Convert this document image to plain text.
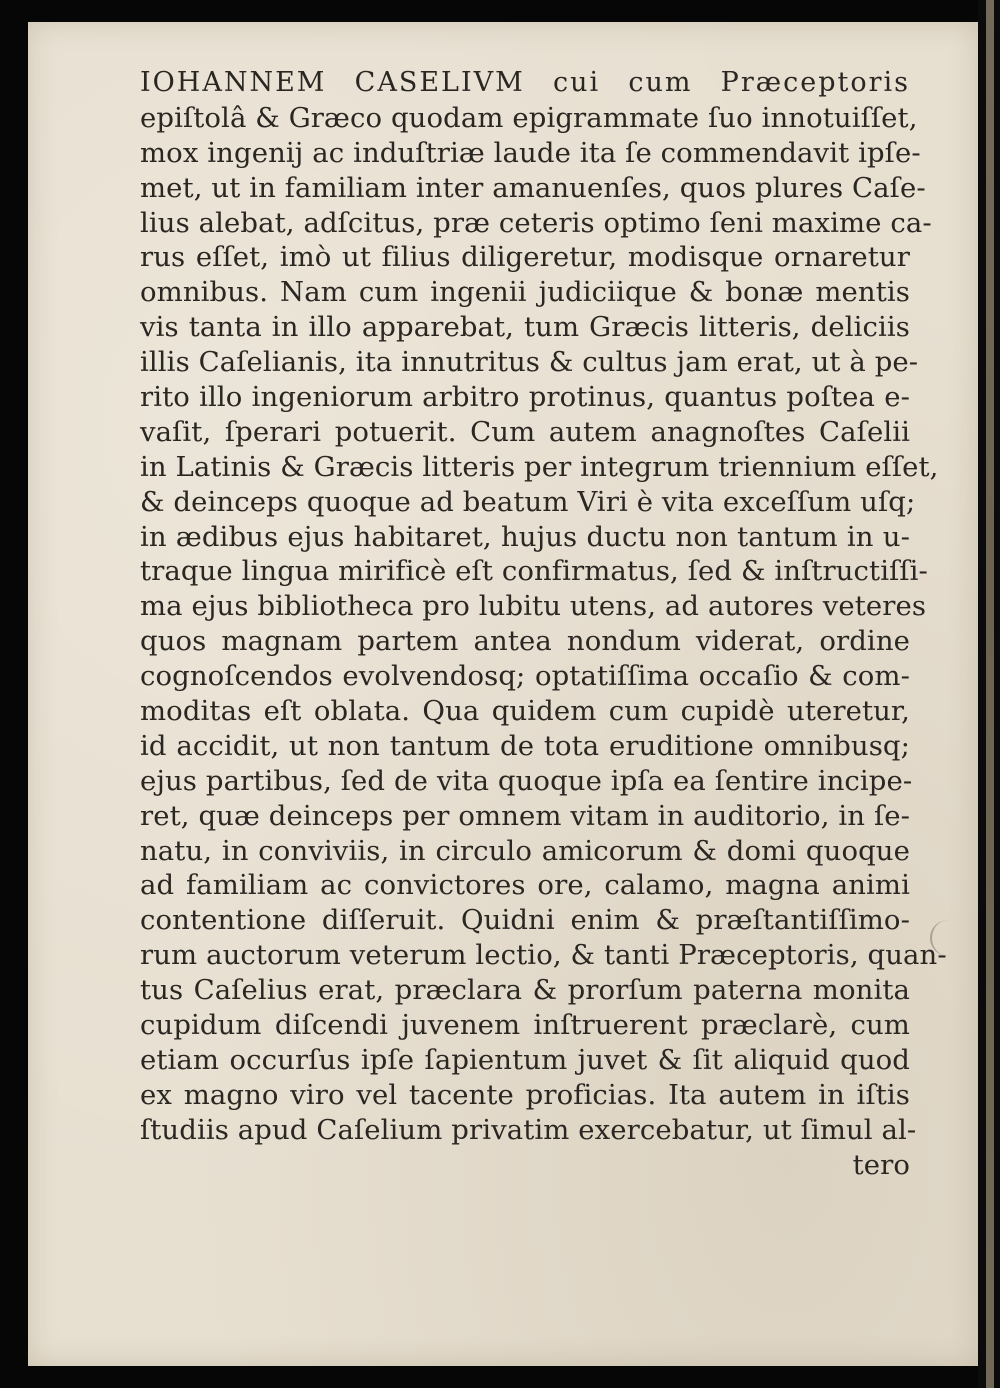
IOHANNEM CASELIVM cui cum Præceptoris
epiſtolâ & Græco quodam epigrammate ſuo innotuiſſet,
mox ingenij ac induſtriæ laude ita ſe commendavit ipſe-
met, ut in familiam inter amanuenſes, quos plures Caſe-
lius alebat, adſcitus, præ ceteris optimo ſeni maxime ca-
rus eſſet, imò ut filius diligeretur, modisque ornaretur
omnibus. Nam cum ingenii judiciique & bonæ mentis
vis tanta in illo apparebat, tum Græcis litteris, deliciis
illis Caſelianis, ita innutritus & cultus jam erat, ut à pe-
rito illo ingeniorum arbitro protinus, quantus poſtea e-
vaſit, ſperari potuerit. Cum autem anagnoſtes Caſelii
in Latinis & Græcis litteris per integrum triennium eſſet,
& deinceps quoque ad beatum Viri è vita exceſſum uſq;
in ædibus ejus habitaret, hujus ductu non tantum in u-
traque lingua mirificè eſt confirmatus, ſed & inſtructiſſi-
ma ejus bibliotheca pro lubitu utens, ad autores veteres
quos magnam partem antea nondum viderat, ordine
cognoſcendos evolvendosq; optatiſſima occaſio & com-
moditas eſt oblata. Qua quidem cum cupidè uteretur,
id accidit, ut non tantum de tota eruditione omnibusq;
ejus partibus, ſed de vita quoque ipſa ea ſentire incipe-
ret, quæ deinceps per omnem vitam in auditorio, in ſe-
natu, in conviviis, in circulo amicorum & domi quoque
ad familiam ac convictores ore, calamo, magna animi
contentione diſſeruit. Quidni enim & præſtantiſſimo-
rum auctorum veterum lectio, & tanti Præceptoris, quan-
tus Caſelius erat, præclara & prorſum paterna monita
cupidum diſcendi juvenem inſtruerent præclarè, cum
etiam occurſus ipſe ſapientum juvet & ſit aliquid quod
ex magno viro vel tacente proficias. Ita autem in iſtis
ſtudiis apud Caſelium privatim exercebatur, ut ſimul al-
tero
